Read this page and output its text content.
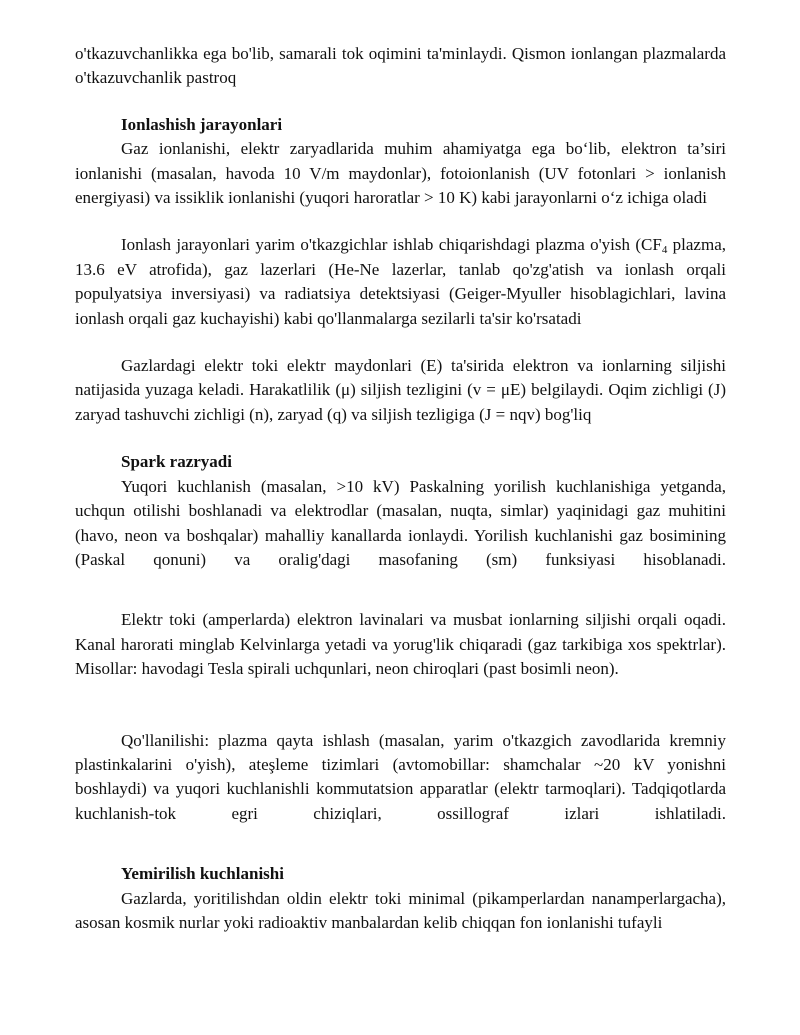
o'tkazuvchanlikka ega bo'lib, samarali tok oqimini ta'minlaydi. Qismon ionlangan plazmalarda o'tkazuvchanlik pastroq

Ionlashish jarayonlari

Gaz ionlanishi, elektr zaryadlarida muhim ahamiyatga ega bo‘lib, elektron ta’siri ionlanishi (masalan, havoda 10 V/m maydonlar), fotoionlanish (UV fotonlari > ionlanish energiyasi) va issiklik ionlanishi (yuqori haroratlar > 10 K) kabi jarayonlarni o‘z ichiga oladi

Ionlash jarayonlari yarim o'tkazgichlar ishlab chiqarishdagi plazma o'yish ($CF_4$ plazma, 13.6 eV atrofida), gaz lazerlari (He-Ne lazerlar, tanlab qo'zg'atish va ionlash orqali populyatsiya inversiyasi) va radiatsiya detektsiyasi (Geiger-Myuller hisoblagichlari, lavina ionlash orqali gaz kuchayishi) kabi qo'llanmalarga sezilarli ta'sir ko'rsatadi

Gazlardagi elektr toki elektr maydonlari (E) ta'sirida elektron va ionlarning siljishi natijasida yuzaga keladi. Harakatlilik (μ) siljish tezligini (v = μE) belgilaydi. Oqim zichligi (J) zaryad tashuvchi zichligi (n), zaryad (q) va siljish tezligiga (J = nqv) bog'liq

Spark razryadi

Yuqori kuchlanish (masalan, >10 kV) Paskalning yorilish kuchlanishiga yetganda, uchqun otilishi boshlanadi va elektrodlar (masalan, nuqta, simlar) yaqinidagi gaz muhitini (havo, neon va boshqalar) mahalliy kanallarda ionlaydi. Yorilish kuchlanishi gaz bosimining (Paskal qonuni) va oralig'dagi masofaning (sm) funksiyasi hisoblanadi.

Elektr toki (amperlarda) elektron lavinalari va musbat ionlarning siljishi orqali oqadi. Kanal harorati minglab Kelvinlarga yetadi va yorug'lik chiqaradi (gaz tarkibiga xos spektrlar). Misollar: havodagi Tesla spirali uchqunlari, neon chiroqlari (past bosimli neon).

Qo'llanilishi: plazma qayta ishlash (masalan, yarim o'tkazgich zavodlarida kremniy plastinkalarini o'yish), ateşleme tizimlari (avtomobillar: shamchalar ~20 kV yonishni boshlaydi) va yuqori kuchlanishli kommutatsion apparatlar (elektr tarmoqlari). Tadqiqotlarda kuchlanish-tok egri chiziqlari, ossillograf izlari ishlatiladi.

Yemirilish kuchlanishi

Gazlarda, yoritilishdan oldin elektr toki minimal (pikamperlardan nanamperlargacha), asosan kosmik nurlar yoki radioaktiv manbalardan kelib chiqqan fon ionlanishi tufayli
